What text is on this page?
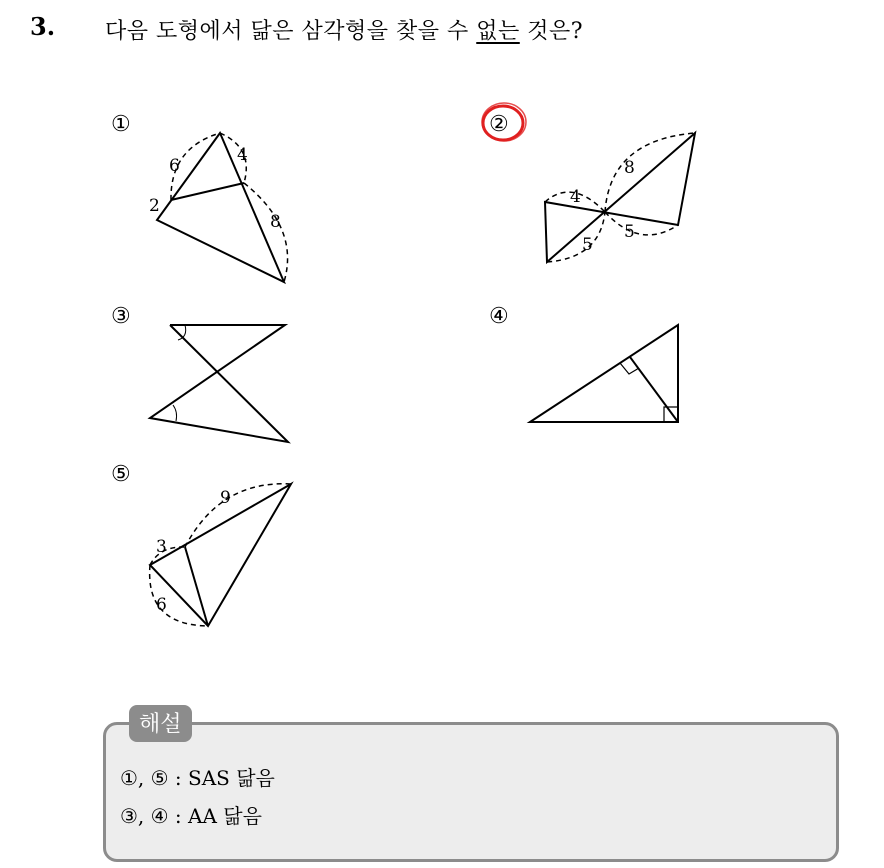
3. 다음 도형에서 닮은 삼각형을 찾을 수 없는 것은?
①	②
③	④
⑤
6
4
2
8
8
4
5
5
9
3
6
해설
①, ⑤ : SAS 닮음
③, ④ : AA 닮음
